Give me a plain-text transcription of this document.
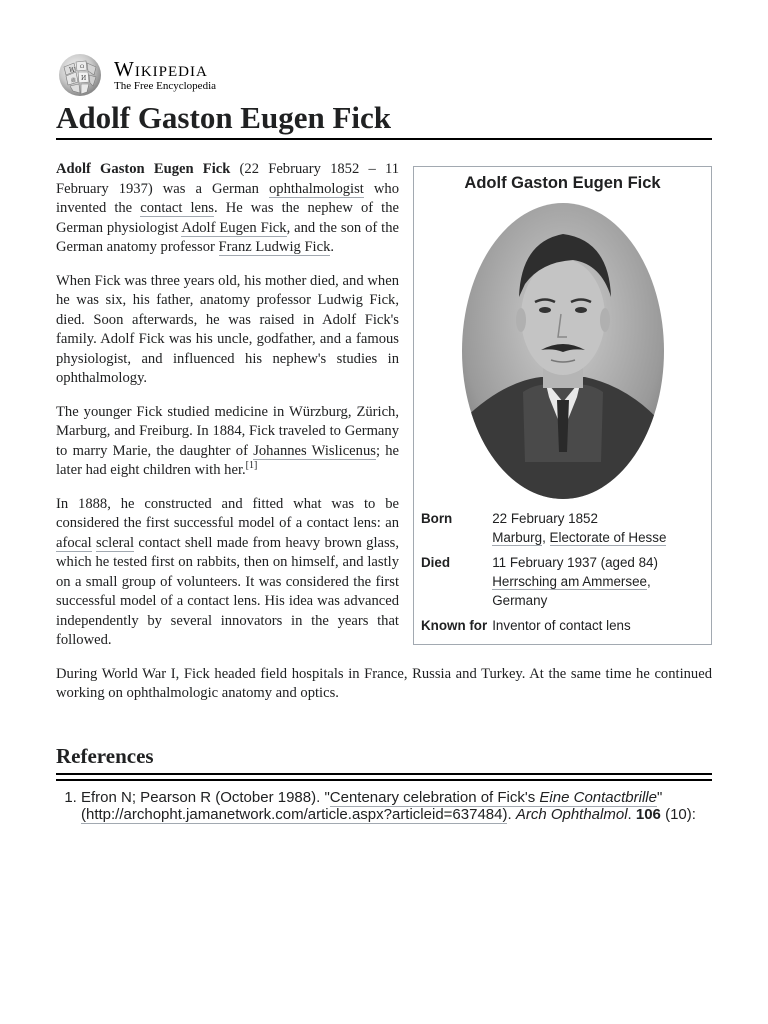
W Ω
И
維 Wikipedia
The Free Encyclopedia
Adolf Gaston Eugen Fick
Adolf Gaston Eugen Fick
Born	22 February 1852
Marburg, Electorate of Hesse
Died	11 February 1937 (aged 84)
Herrsching am Ammersee,
Germany
Known for	Inventor of contact lens

Adolf Gaston Eugen Fick (22 February 1852 – 11 February 1937) was a German ophthalmologist who invented the contact lens. He was the nephew of the German physiologist Adolf Eugen Fick, and the son of the German anatomy professor Franz Ludwig Fick.

When Fick was three years old, his mother died, and when he was six, his father, anatomy professor Ludwig Fick, died. Soon afterwards, he was raised in Adolf Fick's family. Adolf Fick was his uncle, godfather, and a famous physiologist, and influenced his nephew's studies in ophthalmology.

The younger Fick studied medicine in Würzburg, Zürich, Marburg, and Freiburg. In 1884, Fick traveled to Germany to marry Marie, the daughter of Johannes Wislicenus; he later had eight children with her.[1]

In 1888, he constructed and fitted what was to be considered the first successful model of a contact lens: an afocal scleral contact shell made from heavy brown glass, which he tested first on rabbits, then on himself, and lastly on a small group of volunteers. It was considered the first successful model of a contact lens. His idea was advanced independently by several innovators in the years that followed.

During World War I, Fick headed field hospitals in France, Russia and Turkey. At the same time he continued working on ophthalmologic anatomy and optics.

References
1. Efron N; Pearson R (October 1988). "Centenary celebration of Fick's Eine Contactbrille" (http://archopht.jamanetwork.com/article.aspx?articleid=637484). Arch Ophthalmol. 106 (10):
